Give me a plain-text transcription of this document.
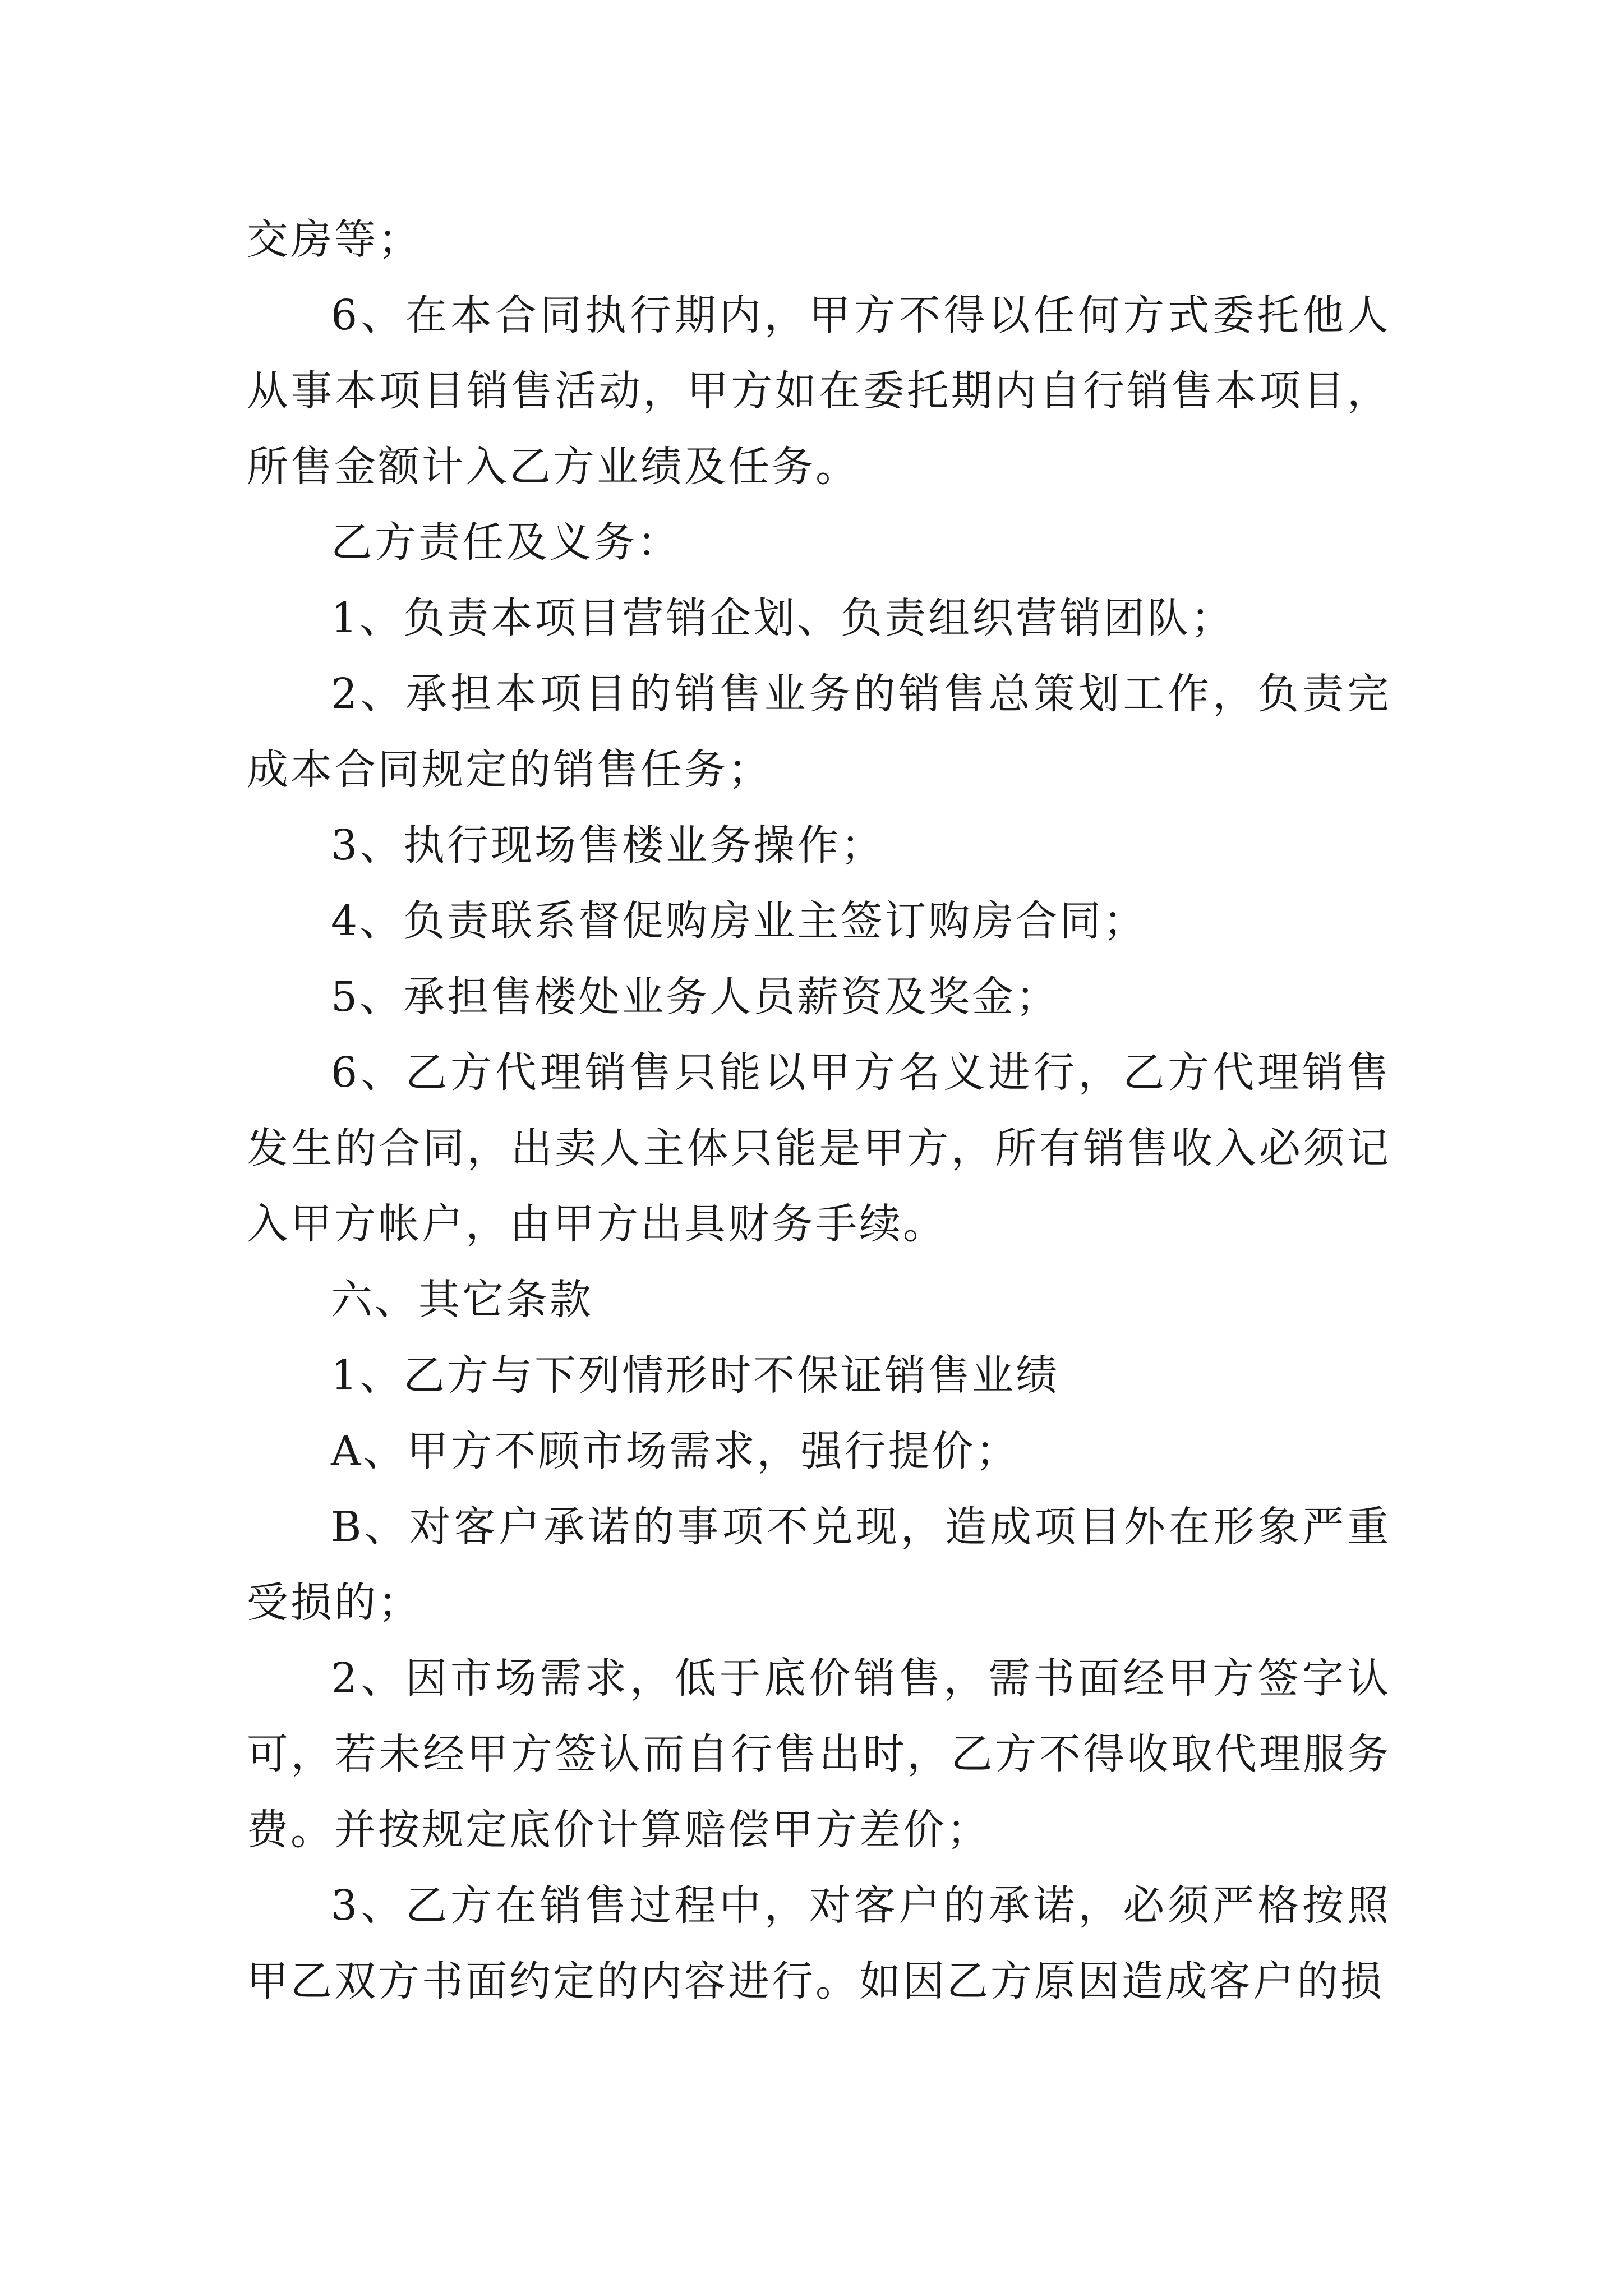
交房等；

6、在本合同执行期内，甲方不得以任何方式委托他人从事本项目销售活动，甲方如在委托期内自行销售本项目，所售金额计入乙方业绩及任务。

乙方责任及义务：

1、负责本项目营销企划、负责组织营销团队；

2、承担本项目的销售业务的销售总策划工作，负责完成本合同规定的销售任务；

3、执行现场售楼业务操作；

4、负责联系督促购房业主签订购房合同；

5、承担售楼处业务人员薪资及奖金；

6、乙方代理销售只能以甲方名义进行，乙方代理销售发生的合同，出卖人主体只能是甲方，所有销售收入必须记入甲方帐户，由甲方出具财务手续。

六、其它条款

1、乙方与下列情形时不保证销售业绩

A、甲方不顾市场需求，强行提价；

B、对客户承诺的事项不兑现，造成项目外在形象严重受损的；

2、因市场需求，低于底价销售，需书面经甲方签字认可，若未经甲方签认而自行售出时，乙方不得收取代理服务费。并按规定底价计算赔偿甲方差价；

3、乙方在销售过程中，对客户的承诺，必须严格按照甲乙双方书面约定的内容进行。如因乙方原因造成客户的损
